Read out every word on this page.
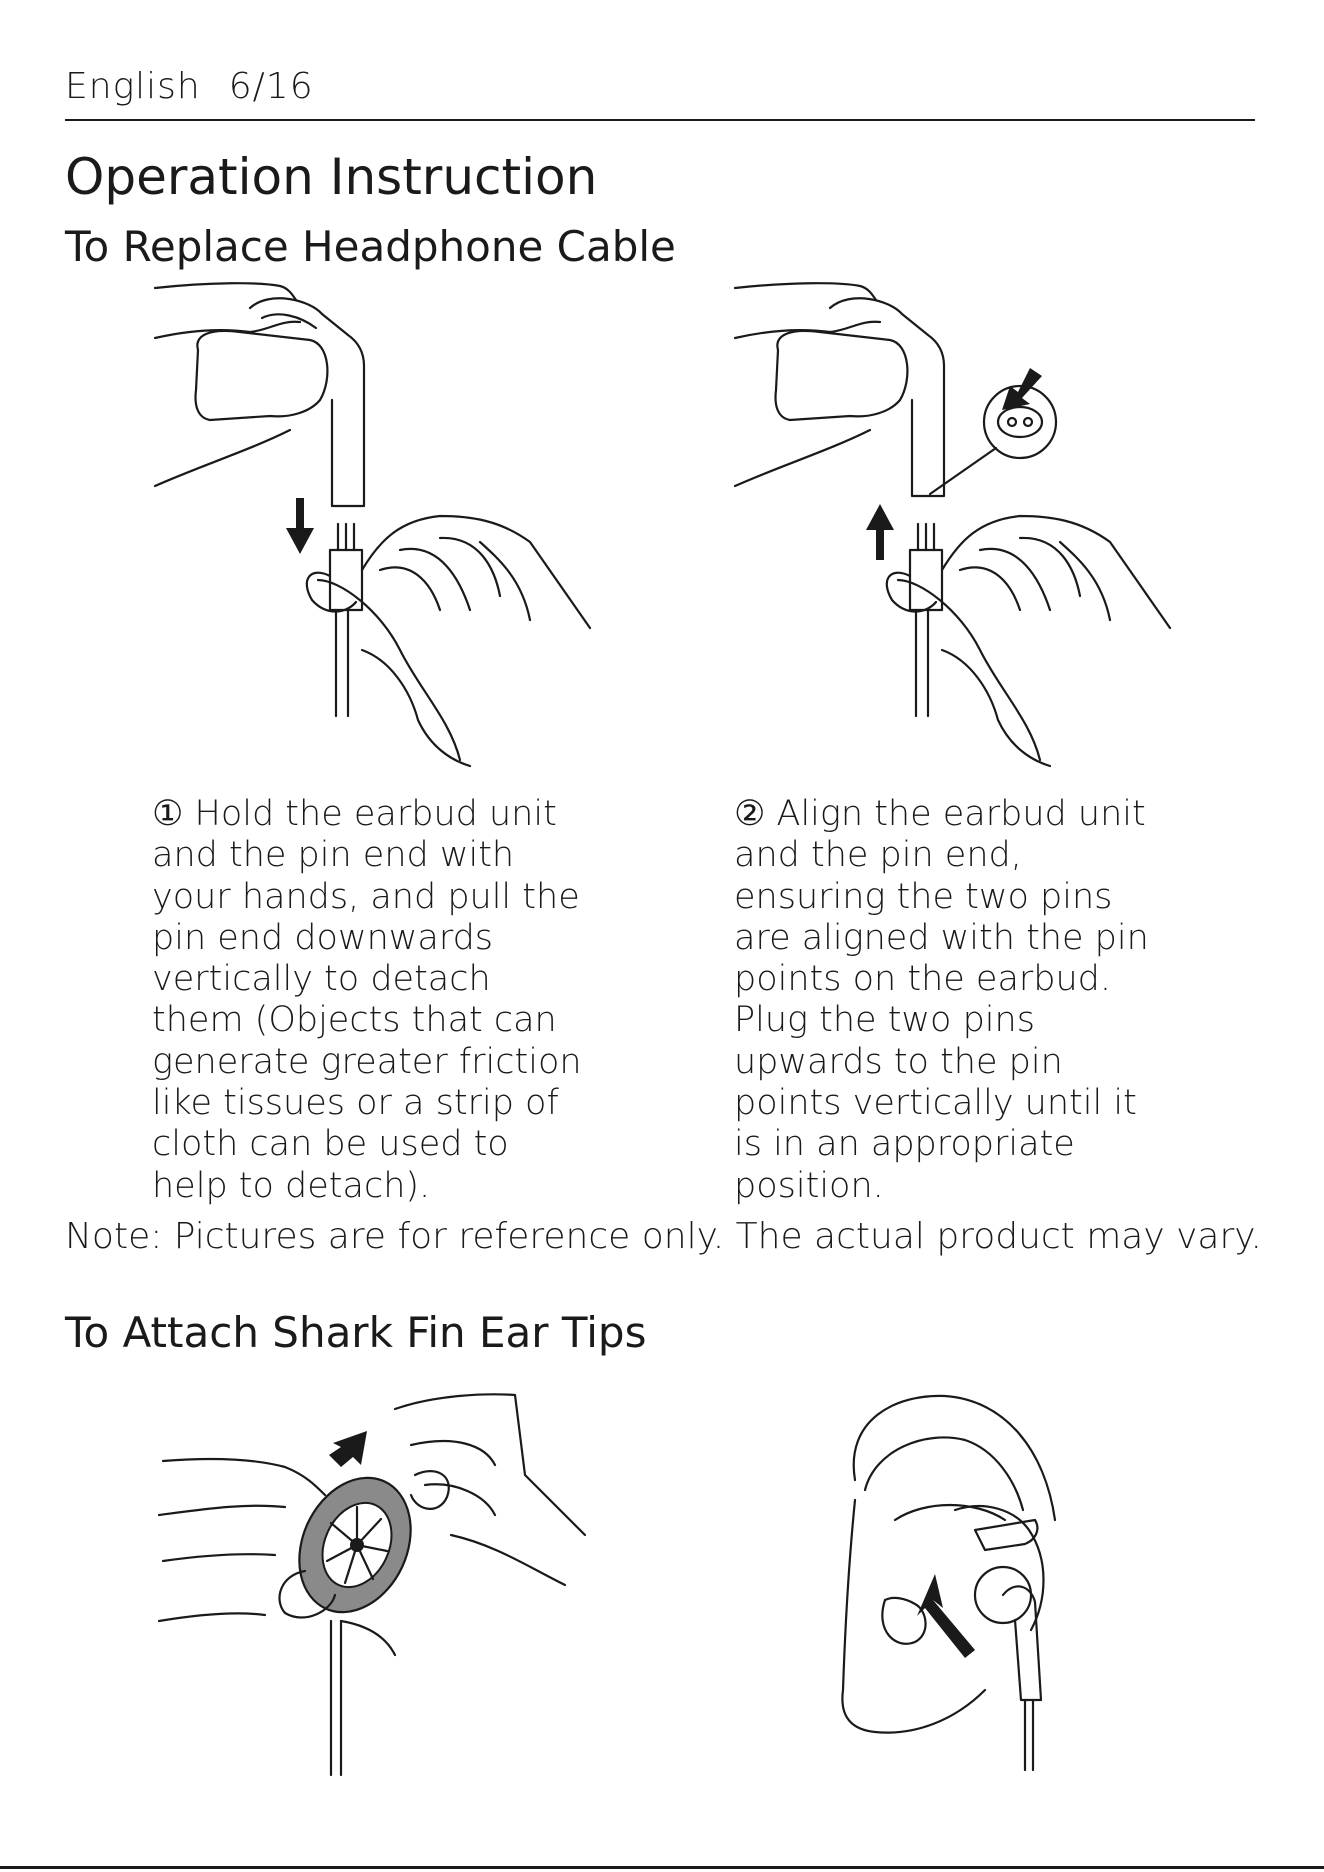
English 6/16
Operation Instruction
To Replace Headphone Cable

① Hold the earbud unit and the pin end with your hands, and pull the pin end downwards vertically to detach them (Objects that can generate greater friction like tissues or a strip of cloth can be used to help to detach).

② Align the earbud unit and the pin end, ensuring the two pins are aligned with the pin points on the earbud. Plug the two pins upwards to the pin points vertically until it is in an appropriate position.

Note: Pictures are for reference only. The actual product may vary.

To Attach Shark Fin Ear Tips
